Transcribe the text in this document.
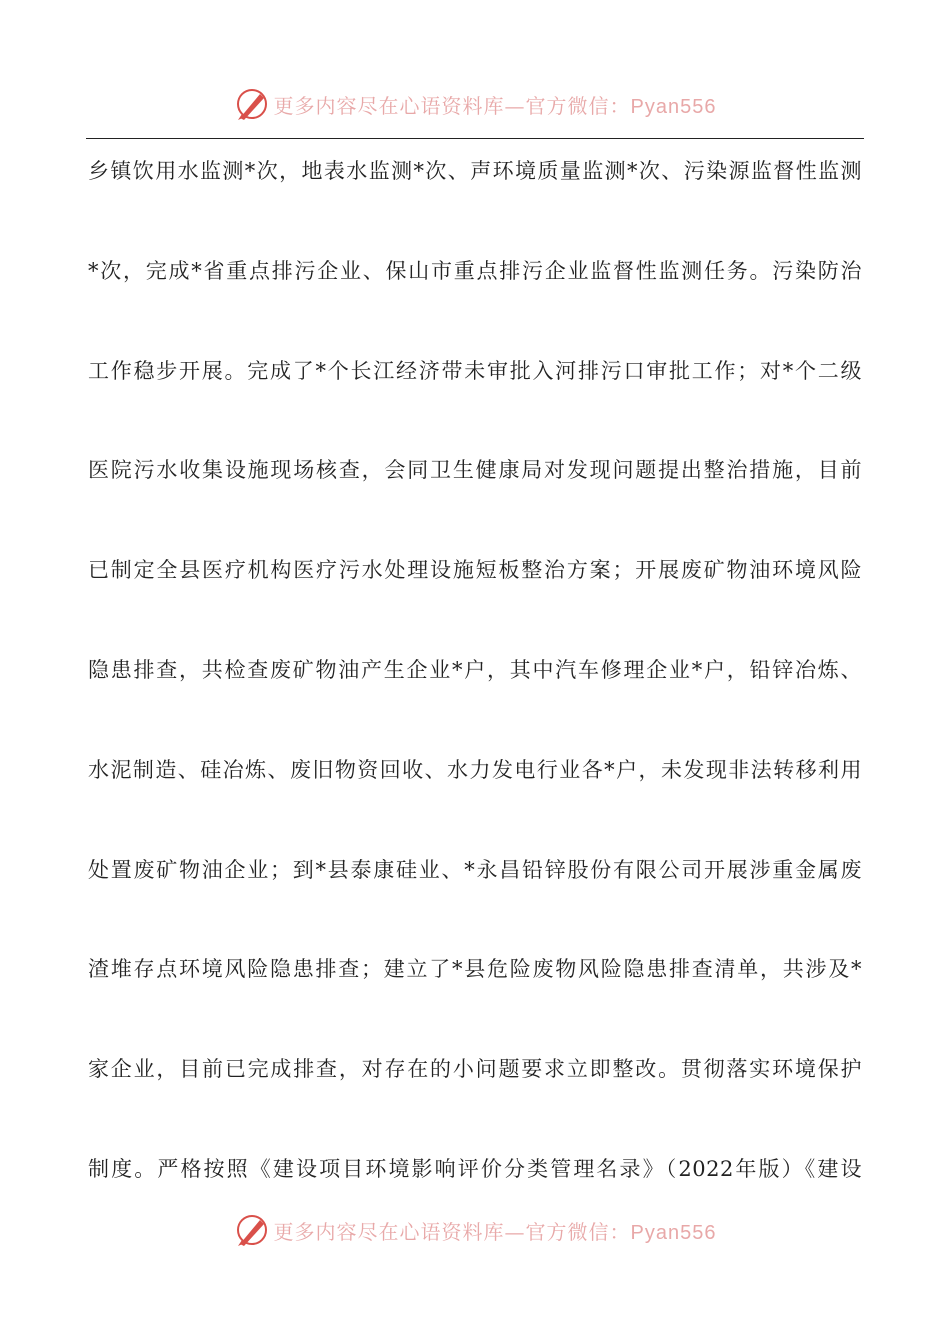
更多内容尽在心语资料库—官方微信：Pyan556
乡镇饮用水监测*次，地表水监测*次、声环境质量监测*次、污染源监督性监测
*次，完成*省重点排污企业、保山市重点排污企业监督性监测任务。污染防治
工作稳步开展。完成了*个长江经济带未审批入河排污口审批工作；对*个二级
医院污水收集设施现场核查，会同卫生健康局对发现问题提出整治措施，目前
已制定全县医疗机构医疗污水处理设施短板整治方案；开展废矿物油环境风险
隐患排查，共检查废矿物油产生企业*户，其中汽车修理企业*户，铅锌冶炼、
水泥制造、硅冶炼、废旧物资回收、水力发电行业各*户，未发现非法转移利用
处置废矿物油企业；到*县泰康硅业、*永昌铅锌股份有限公司开展涉重金属废
渣堆存点环境风险隐患排查；建立了*县危险废物风险隐患排查清单，共涉及*
家企业，目前已完成排查，对存在的小问题要求立即整改。贯彻落实环境保护
制度。严格按照《建设项目环境影响评价分类管理名录》（2022年版）《建设
更多内容尽在心语资料库—官方微信：Pyan556
